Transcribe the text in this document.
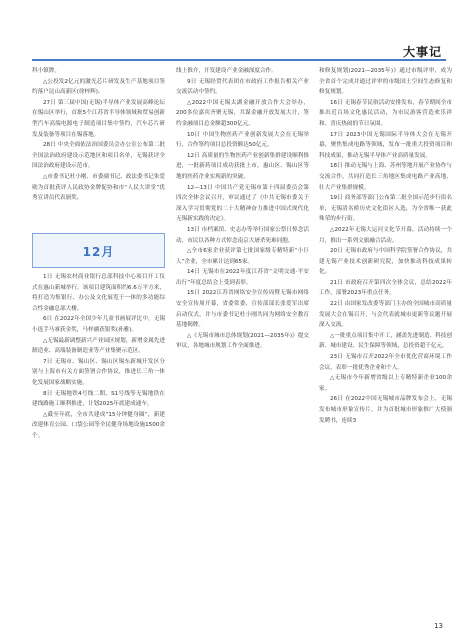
大事记

科小镇牌。

△公投发2亿元的激光芯片研发及生产基地项目签约落户昆山高新区(徐梓辉)。

27日 第三届中国(无锡)半导体产业发展高峰论坛在锡山区举行，首批5个江苏省半导体领域和贸易创新型汽车高端电源电子制造项目集中签约，汽车芯片研发及装备等项目在锡落地。

28日 中央全面依法治国委员会办公室公布第二批全国法治政府建设示范地区和项目名单，无锡获评全国法治政府建设示范市。

△市委书记杜小刚、市委副书记、政法委书记朱爱勋为首批获评人民政协金牌促协和市“人民大讲堂”优秀宣讲员代表颁奖。

12月

1日 无锡农村商业银行总部科技中心项目开工仪式在惠山新城举行。该项目建筑面积约6.6万平方米，将打造为集银行、办公及文化展览于一体的多功能综合性金融总部大楼。

6日 在2022年全国少年儿童书画展评比中，无锡小选手马睿获金奖，马梓涵获银奖(孙雅)。

△无锡最新调整新兴产业园区规划，新增金属先进制造业、高端装备制造业等产业集聚示范区。

7日 无锡市、锡山区、锡山区锡东新城开发区分别与上海市有关方面签署合作协议，推进长三角一体化发展国家战略实施。

8日 无锡地铁4号线二期、S1号线等无锡地铁在建线路施工顺利推进，计划2025年底建成通车。

△截至年底，全市共建成“15分钟健身圈”，新建改建体育公园、口袋公园等全民健身场地设施1500余个。

线上推介，开发建设产业金融深度合作。

9日 无锡经贸代表团在市政府工作报告相关产业交流活动中签约。

△2022中国无锡太湖金融开放合作大会举办，200多位嘉宾齐聚无锡，共谋金融开放发展大计，签约金融项目总金额超300亿元。

10日 中国生物医药产业创新发展大会在无锡举行，合作签约项目总投资额达50亿元。

12日 高质量的生物医药产业创新集群建设顺利推进，一批新药项目成功获批上市，惠山区、锡山区等地的医药企业实现新的突破。

12—13日 中国共产党无锡市第十四届委员会第四次全体会议召开，审议通过了《中共无锡市委关于深入学习贯彻党的二十大精神奋力推进中国式现代化无锡新实践的决定》。

13日 市档案馆、史志办等举行国家公祭日悼念活动，市民以各种方式悼念南京大屠杀死难同胞。

△全市6家企业获评第七批国家级专精特新“小巨人”企业，全市累计达到65家。

14日 无锡市在2022年度江苏省“文明交通·平安出行”年度总结会上受到表彰。

15日 2022江苏省网络安全宣传周暨无锡市网络安全宣传周开幕，省委常委、宣传部部长张爱军出席启动仪式，并与市委书记杜小刚共同为网络安全教育基地揭牌。

△《无锡市城市总体规划(2021—2035年)》提交审议，各地城市规划工作全面推进。

和修复规划(2021—2035年)》通过市级评审，成为全省首个完成并通过评审的市级国土空间生态修复和修复规划。

16日 无锡春节民俗活动安排发布，春节期间全市推出近百场文化惠民活动，为市民游客营造欢乐祥和、喜庆热闹的节日氛围。

17日 2023中国无锡国际半导体大会在无锡开幕，聚焦集成电路等领域，发布一批重大投资项目和科技成果，推动无锡半导体产业高质量发展。

18日 推动无锡与上海、苏州等地开展产业协作与交流合作，共同打造长三角地区集成电路产业高地，壮大产业集群规模。

19日 商务部等部门公布第二批全国示范步行街名单，无锡清名桥历史文化街区入选，为全省唯一获此殊荣的步行街。

△2022年无锡大运河文化节开幕，活动持续一个月，推出一系列文旅融合活动。

20日 无锡市政府与中国科学院签署合作协议，共建无锡产业技术创新研究院，加快推动科技成果转化。

21日 市政府召开第四次全体会议，总结2022年工作，部署2023年重点任务。

22日 由国家发改委等部门主办的全国城市高质量发展大会在锡召开，与会代表就城市更新等议题开展深入交流。

△一批重点项目集中开工，涵盖先进制造、科技创新、城市建设、民生保障等领域，总投资超千亿元。

23日 无锡市召开2022年全市优化营商环境工作会议，表彰一批优秀企业和个人。

△无锡市今年新增省级以上专精特新企业100余家。

26日 在2022中国无锡城市品牌发布会上，无锡发布城市形象宣传片，并为首批城市形象推广大使颁发聘书，连续3

13
